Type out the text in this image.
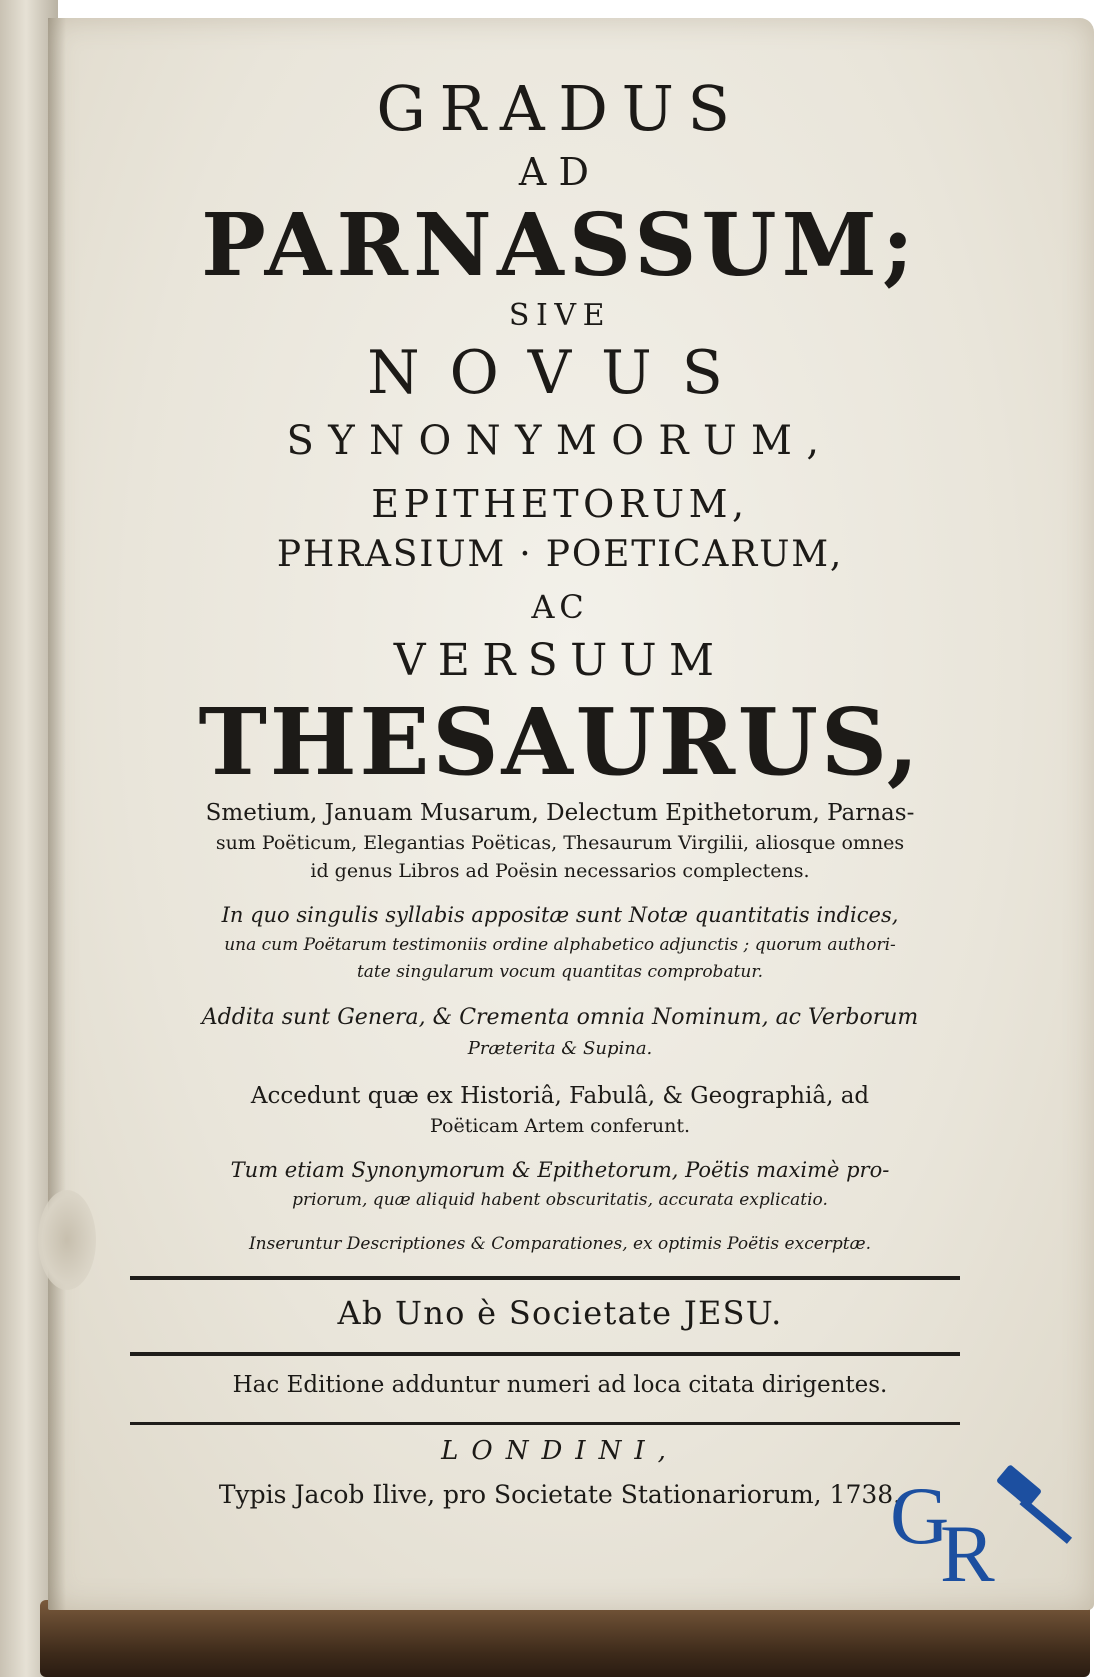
GRADUS
AD
PARNASSUM;
SIVE
NOVUS
SYNONYMORUM,
EPITHETORUM,
PHRASIUM · POETICARUM,
AC
VERSUUM
THESAURUS,
Smetium, Januam Musarum, Delectum Epithetorum, Parnas-
sum Poëticum, Elegantias Poëticas, Thesaurum Virgilii, aliosque omnes
id genus Libros ad Poësin necessarios complectens.
In quo singulis syllabis appositæ sunt Notæ quantitatis indices,
una cum Poëtarum testimoniis ordine alphabetico adjunctis ; quorum authori-
tate singularum vocum quantitas comprobatur.
Addita sunt Genera, & Crementa omnia Nominum, ac Verborum
Præterita & Supina.
Accedunt quæ ex Historiâ, Fabulâ, & Geographiâ, ad
Poëticam Artem conferunt.
Tum etiam Synonymorum & Epithetorum, Poëtis maximè pro-
priorum, quæ aliquid habent obscuritatis, accurata explicatio.
Inseruntur Descriptiones & Comparationes, ex optimis Poëtis excerptæ.
Ab Uno è Societate JESU.
Hac Editione adduntur numeri ad loca citata dirigentes.
LONDINI,
Typis Jacob Ilive, pro Societate Stationariorum, 1738.
G
R
